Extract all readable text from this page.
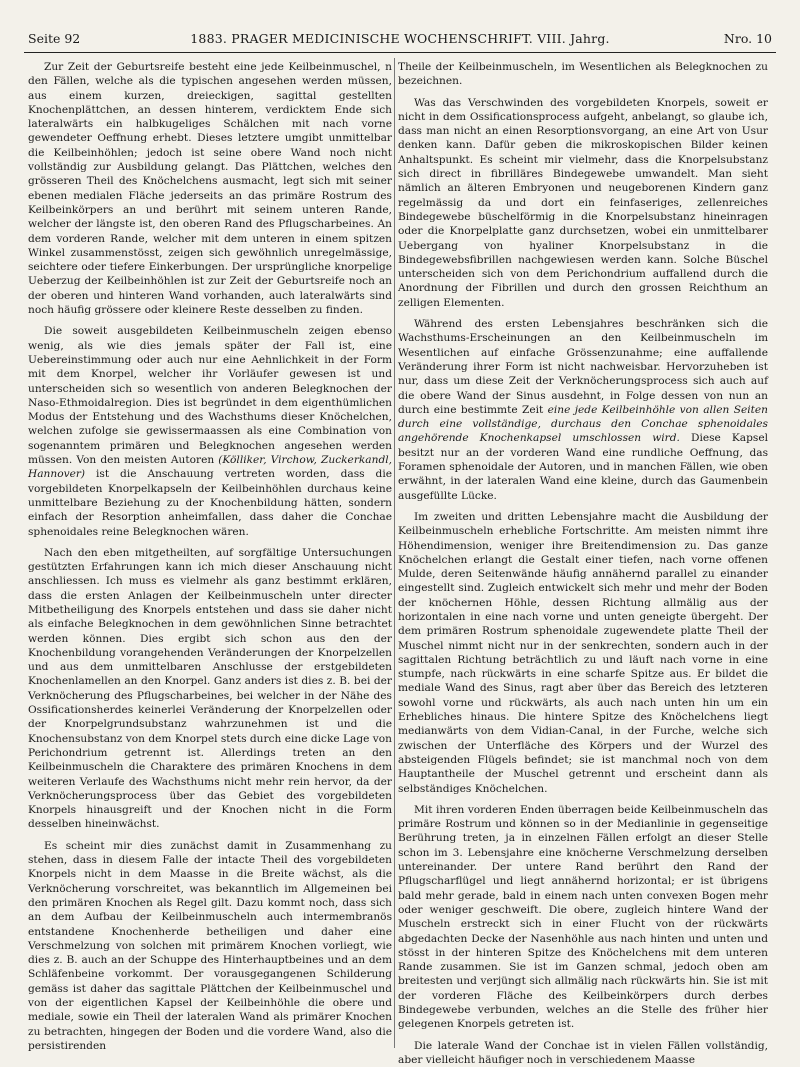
Seite 92	1883. PRAGER MEDICINISCHE WOCHENSCHRIFT. VIII. Jahrg.	Nro. 10

Zur Zeit der Geburtsreife besteht eine jede Keilbeinmuschel, n den Fällen, welche als die typischen angesehen werden müssen, aus einem kurzen, dreieckigen, sagittal gestellten Knochenplättchen, an dessen hinterem, verdicktem Ende sich lateralwärts ein halbkugeliges Schälchen mit nach vorne gewendeter Oeffnung erhebt. Dieses letztere umgibt unmittelbar die Keilbeinhöhlen; jedoch ist seine obere Wand noch nicht vollständig zur Ausbildung gelangt. Das Plättchen, welches den grösseren Theil des Knöchelchens ausmacht, legt sich mit seiner ebenen medialen Fläche jederseits an das primäre Rostrum des Keilbeinkörpers an und berührt mit seinem unteren Rande, welcher der längste ist, den oberen Rand des Pflugscharbeines. An dem vorderen Rande, welcher mit dem unteren in einem spitzen Winkel zusammenstösst, zeigen sich gewöhnlich unregelmässige, seichtere oder tiefere Einkerbungen. Der ursprüngliche knorpelige Ueberzug der Keilbeinhöhlen ist zur Zeit der Geburtsreife noch an der oberen und hinteren Wand vorhanden, auch lateralwärts sind noch häufig grössere oder kleinere Reste desselben zu finden.

Die soweit ausgebildeten Keilbeinmuscheln zeigen ebenso wenig, als wie dies jemals später der Fall ist, eine Uebereinstimmung oder auch nur eine Aehnlichkeit in der Form mit dem Knorpel, welcher ihr Vorläufer gewesen ist und unterscheiden sich so wesentlich von anderen Belegknochen der Naso-Ethmoidalregion. Dies ist begründet in dem eigenthümlichen Modus der Entstehung und des Wachsthums dieser Knöchelchen, welchen zufolge sie gewissermaassen als eine Combination von sogenanntem primären und Belegknochen angesehen werden müssen. Von den meisten Autoren (Kölliker, Virchow, Zuckerkandl, Hannover) ist die Anschauung vertreten worden, dass die vorgebildeten Knorpelkapseln der Keilbeinhöhlen durchaus keine unmittelbare Beziehung zu der Knochenbildung hätten, sondern einfach der Resorption anheimfallen, dass daher die Conchae sphenoidales reine Belegknochen wären.

Nach den eben mitgetheilten, auf sorgfältige Untersuchungen gestützten Erfahrungen kann ich mich dieser Anschauung nicht anschliessen. Ich muss es vielmehr als ganz bestimmt erklären, dass die ersten Anlagen der Keilbeinmuscheln unter directer Mitbetheiligung des Knorpels entstehen und dass sie daher nicht als einfache Belegknochen in dem gewöhnlichen Sinne betrachtet werden können. Dies ergibt sich schon aus den der Knochenbildung vorangehenden Veränderungen der Knorpelzellen und aus dem unmittelbaren Anschlusse der erstgebildeten Knochenlamellen an den Knorpel. Ganz anders ist dies z. B. bei der Verknöcherung des Pflugscharbeines, bei welcher in der Nähe des Ossificationsherdes keinerlei Veränderung der Knorpelzellen oder der Knorpelgrundsubstanz wahrzunehmen ist und die Knochensubstanz von dem Knorpel stets durch eine dicke Lage von Perichondrium getrennt ist. Allerdings treten an den Keilbeinmuscheln die Charaktere des primären Knochens in dem weiteren Verlaufe des Wachsthums nicht mehr rein hervor, da der Verknöcherungsprocess über das Gebiet des vorgebildeten Knorpels hinausgreift und der Knochen nicht in die Form desselben hineinwächst.

Es scheint mir dies zunächst damit in Zusammenhang zu stehen, dass in diesem Falle der intacte Theil des vorgebildeten Knorpels nicht in dem Maasse in die Breite wächst, als die Verknöcherung vorschreitet, was bekanntlich im Allgemeinen bei den primären Knochen als Regel gilt. Dazu kommt noch, dass sich an dem Aufbau der Keilbeinmuscheln auch intermembranös entstandene Knochenherde betheiligen und daher eine Verschmelzung von solchen mit primärem Knochen vorliegt, wie dies z. B. auch an der Schuppe des Hinterhauptbeines und an dem Schläfenbeine vorkommt. Der vorausgegangenen Schilderung gemäss ist daher das sagittale Plättchen der Keilbeinmuschel und von der eigentlichen Kapsel der Keilbeinhöhle die obere und mediale, sowie ein Theil der lateralen Wand als primärer Knochen zu betrachten, hingegen der Boden und die vordere Wand, also die persistirenden

Theile der Keilbeinmuscheln, im Wesentlichen als Belegknochen zu bezeichnen.

Was das Verschwinden des vorgebildeten Knorpels, soweit er nicht in dem Ossificationsprocess aufgeht, anbelangt, so glaube ich, dass man nicht an einen Resorptionsvorgang, an eine Art von Usur denken kann. Dafür geben die mikroskopischen Bilder keinen Anhaltspunkt. Es scheint mir vielmehr, dass die Knorpelsubstanz sich direct in fibrilläres Bindegewebe umwandelt. Man sieht nämlich an älteren Embryonen und neugeborenen Kindern ganz regelmässig da und dort ein feinfaseriges, zellenreiches Bindegewebe büschelförmig in die Knorpelsubstanz hineinragen oder die Knorpelplatte ganz durchsetzen, wobei ein unmittelbarer Uebergang von hyaliner Knorpelsubstanz in die Bindegewebsfibrillen nachgewiesen werden kann. Solche Büschel unterscheiden sich von dem Perichondrium auffallend durch die Anordnung der Fibrillen und durch den grossen Reichthum an zelligen Elementen.

Während des ersten Lebensjahres beschränken sich die Wachsthums-Erscheinungen an den Keilbeinmuscheln im Wesentlichen auf einfache Grössenzunahme; eine auffallende Veränderung ihrer Form ist nicht nachweisbar. Hervorzuheben ist nur, dass um diese Zeit der Verknöcherungsprocess sich auch auf die obere Wand der Sinus ausdehnt, in Folge dessen von nun an durch eine bestimmte Zeit eine jede Keilbeinhöhle von allen Seiten durch eine vollständige, durchaus den Conchae sphenoidales angehörende Knochenkapsel umschlossen wird. Diese Kapsel besitzt nur an der vorderen Wand eine rundliche Oeffnung, das Foramen sphenoidale der Autoren, und in manchen Fällen, wie oben erwähnt, in der lateralen Wand eine kleine, durch das Gaumenbein ausgefüllte Lücke.

Im zweiten und dritten Lebensjahre macht die Ausbildung der Keilbeinmuscheln erhebliche Fortschritte. Am meisten nimmt ihre Höhendimension, weniger ihre Breitendimension zu. Das ganze Knöchelchen erlangt die Gestalt einer tiefen, nach vorne offenen Mulde, deren Seitenwände häufig annähernd parallel zu einander eingestellt sind. Zugleich entwickelt sich mehr und mehr der Boden der knöchernen Höhle, dessen Richtung allmälig aus der horizontalen in eine nach vorne und unten geneigte übergeht. Der dem primären Rostrum sphenoidale zugewendete platte Theil der Muschel nimmt nicht nur in der senkrechten, sondern auch in der sagittalen Richtung beträchtlich zu und läuft nach vorne in eine stumpfe, nach rückwärts in eine scharfe Spitze aus. Er bildet die mediale Wand des Sinus, ragt aber über das Bereich des letzteren sowohl vorne und rückwärts, als auch nach unten hin um ein Erhebliches hinaus. Die hintere Spitze des Knöchelchens liegt medianwärts von dem Vidian-Canal, in der Furche, welche sich zwischen der Unterfläche des Körpers und der Wurzel des absteigenden Flügels befindet; sie ist manchmal noch von dem Hauptantheile der Muschel getrennt und erscheint dann als selbständiges Knöchelchen.

Mit ihren vorderen Enden überragen beide Keilbeinmuscheln das primäre Rostrum und können so in der Medianlinie in gegenseitige Berührung treten, ja in einzelnen Fällen erfolgt an dieser Stelle schon im 3. Lebensjahre eine knöcherne Verschmelzung derselben untereinander. Der untere Rand berührt den Rand der Pflugscharflügel und liegt annähernd horizontal; er ist übrigens bald mehr gerade, bald in einem nach unten convexen Bogen mehr oder weniger geschweift. Die obere, zugleich hintere Wand der Muscheln erstreckt sich in einer Flucht von der rückwärts abgedachten Decke der Nasenhöhle aus nach hinten und unten und stösst in der hinteren Spitze des Knöchelchens mit dem unteren Rande zusammen. Sie ist im Ganzen schmal, jedoch oben am breitesten und verjüngt sich allmälig nach rückwärts hin. Sie ist mit der vorderen Fläche des Keilbeinkörpers durch derbes Bindegewebe verbunden, welches an die Stelle des früher hier gelegenen Knorpels getreten ist.

Die laterale Wand der Conchae ist in vielen Fällen vollständig, aber vielleicht häufiger noch in verschiedenem Maasse
